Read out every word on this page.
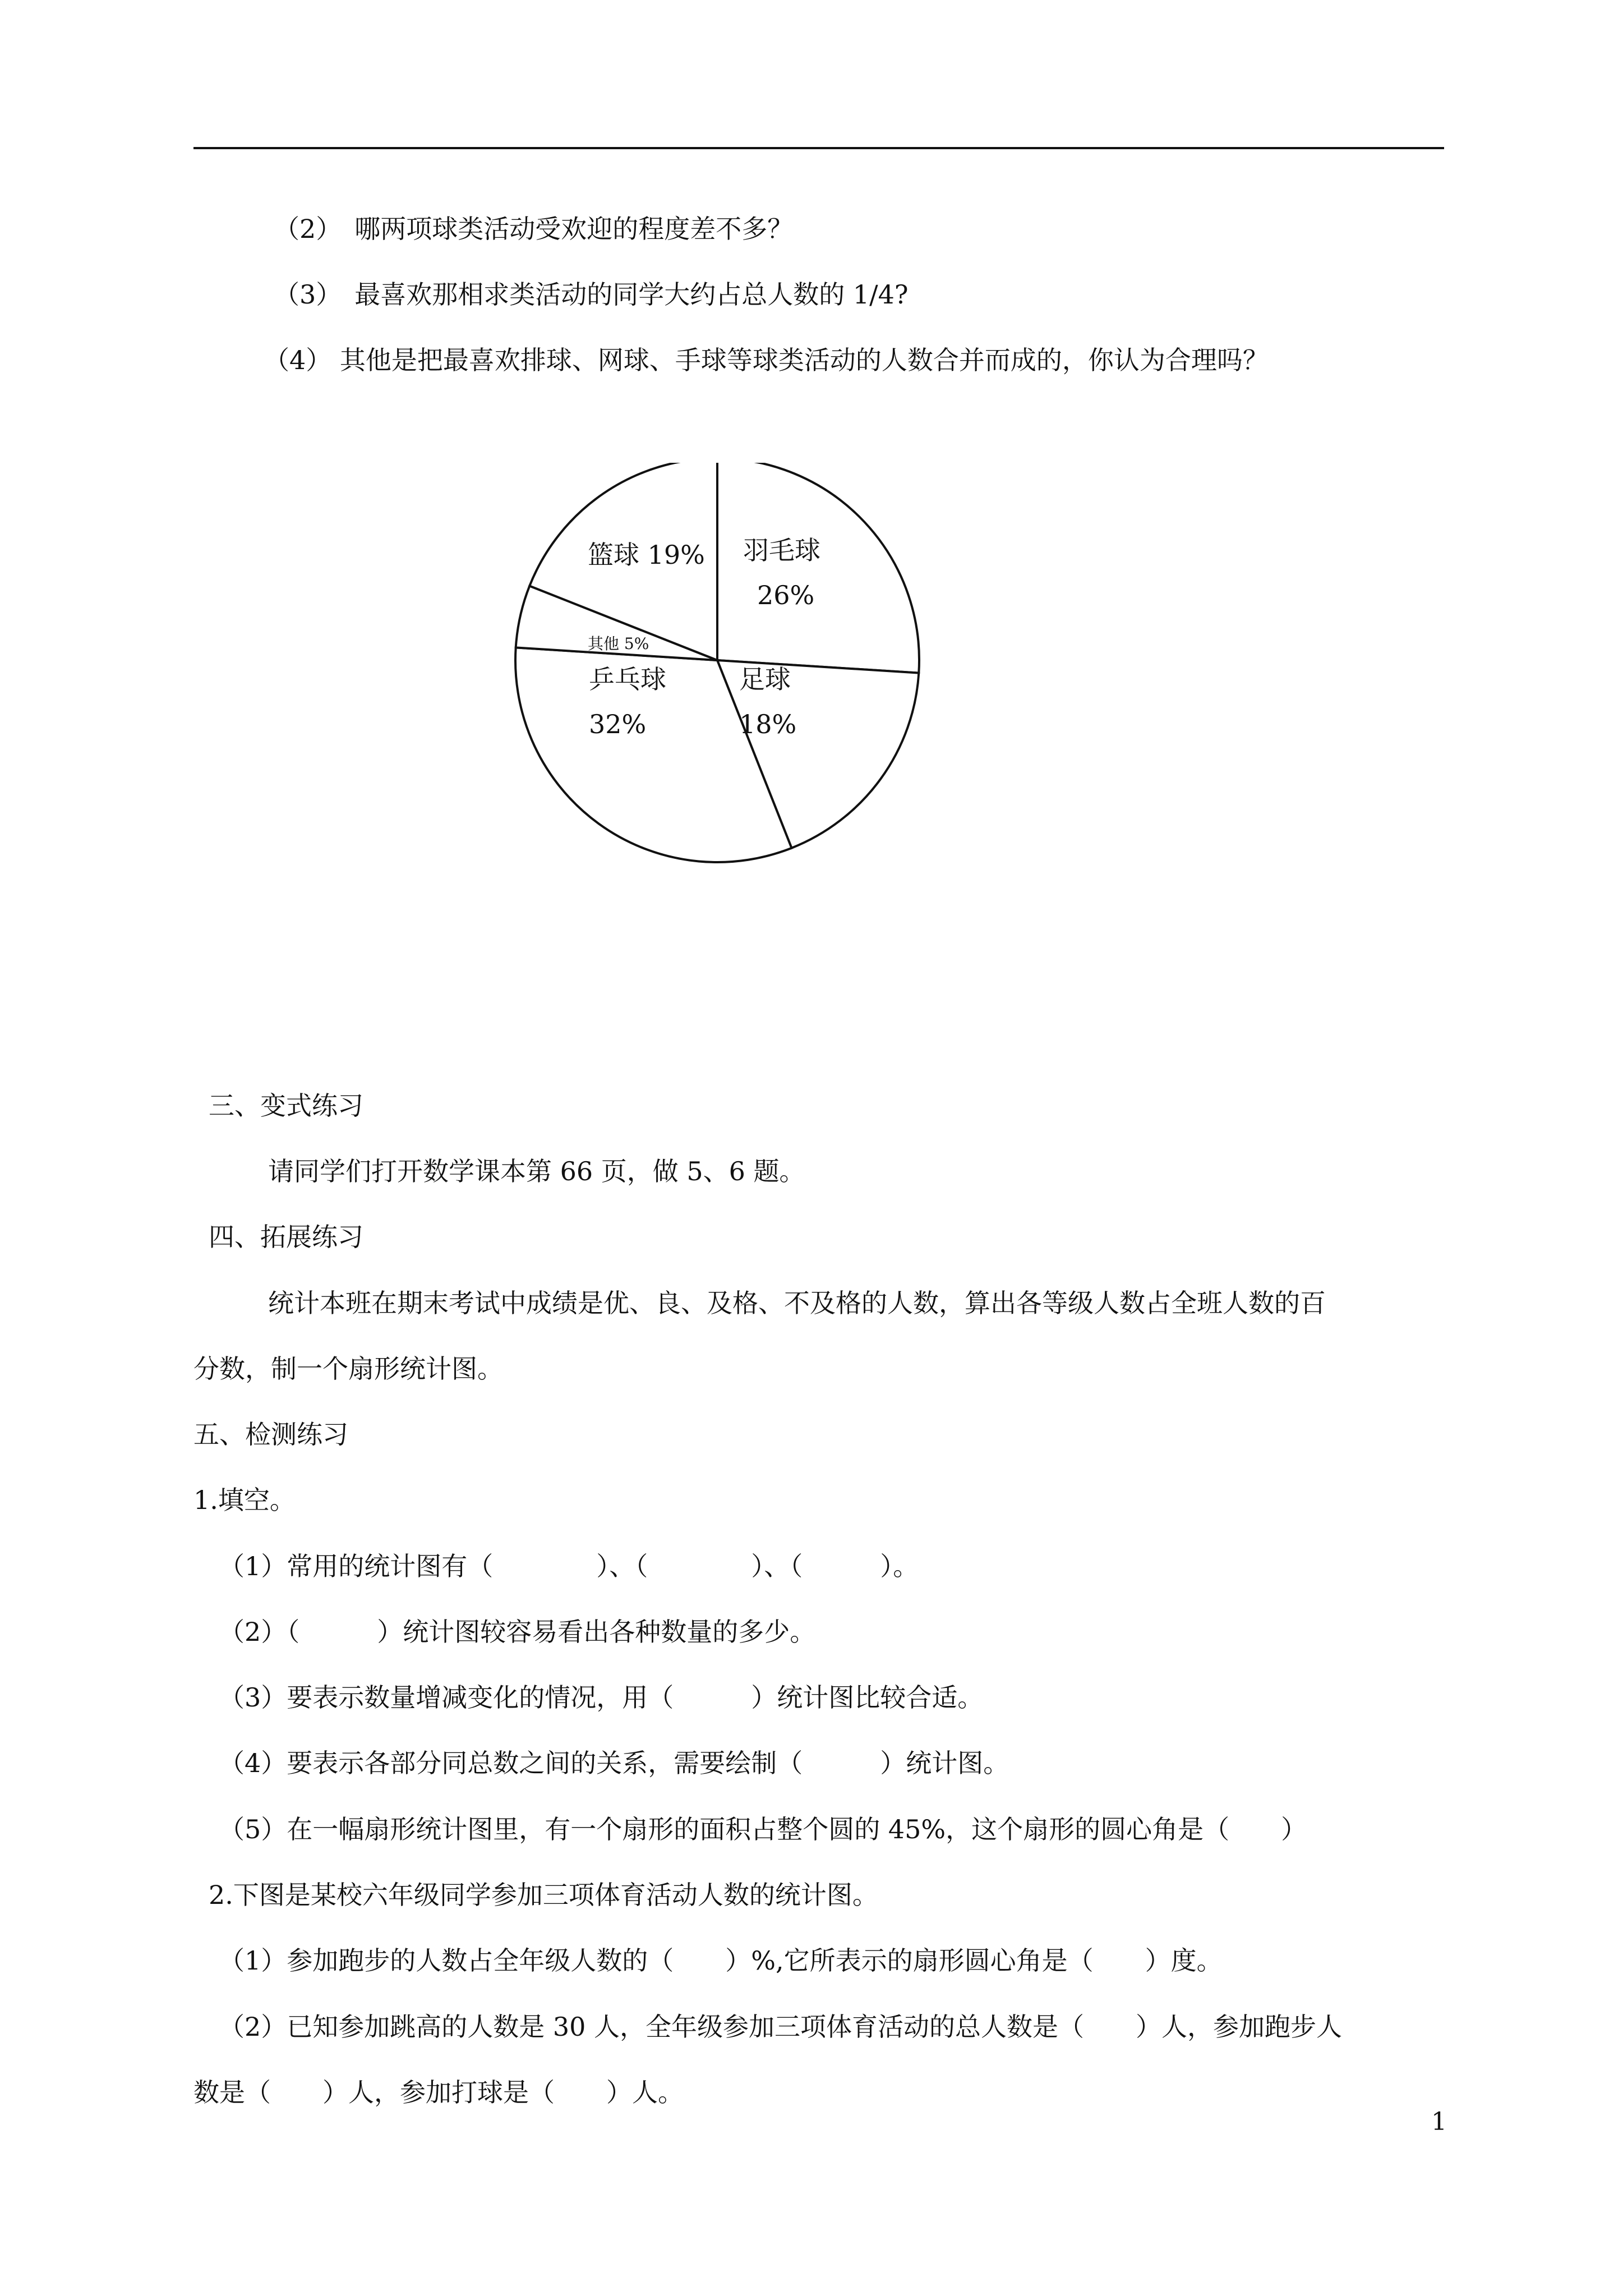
（2）　哪两项球类活动受欢迎的程度差不多？
（3）　最喜欢那相求类活动的同学大约占总人数的 1/4?
（4） 其他是把最喜欢排球、网球、手球等球类活动的人数合并而成的，你认为合理吗？
羽毛球
26%
足球
18%
乒乓球
32%
其他 5%
篮球 19%
三、变式练习
请同学们打开数学课本第 66 页，做 5、6 题。
四、拓展练习
统计本班在期末考试中成绩是优、良、及格、不及格的人数，算出各等级人数占全班人数的百
分数，制一个扇形统计图。
五、检测练习
1.填空。
（1）常用的统计图有（　　　　）、（　　　　）、（　　　）。
（2）（　　　）统计图较容易看出各种数量的多少。
（3）要表示数量增减变化的情况，用（　　　）统计图比较合适。
（4）要表示各部分同总数之间的关系，需要绘制（　　　）统计图。
（5）在一幅扇形统计图里，有一个扇形的面积占整个圆的 45%，这个扇形的圆心角是（　　）
2.下图是某校六年级同学参加三项体育活动人数的统计图。
（1）参加跑步的人数占全年级人数的（　　）%,它所表示的扇形圆心角是（　　）度。
（2）已知参加跳高的人数是 30 人，全年级参加三项体育活动的总人数是（　　）人，参加跑步人
数是（　　）人，参加打球是（　　）人。
1
